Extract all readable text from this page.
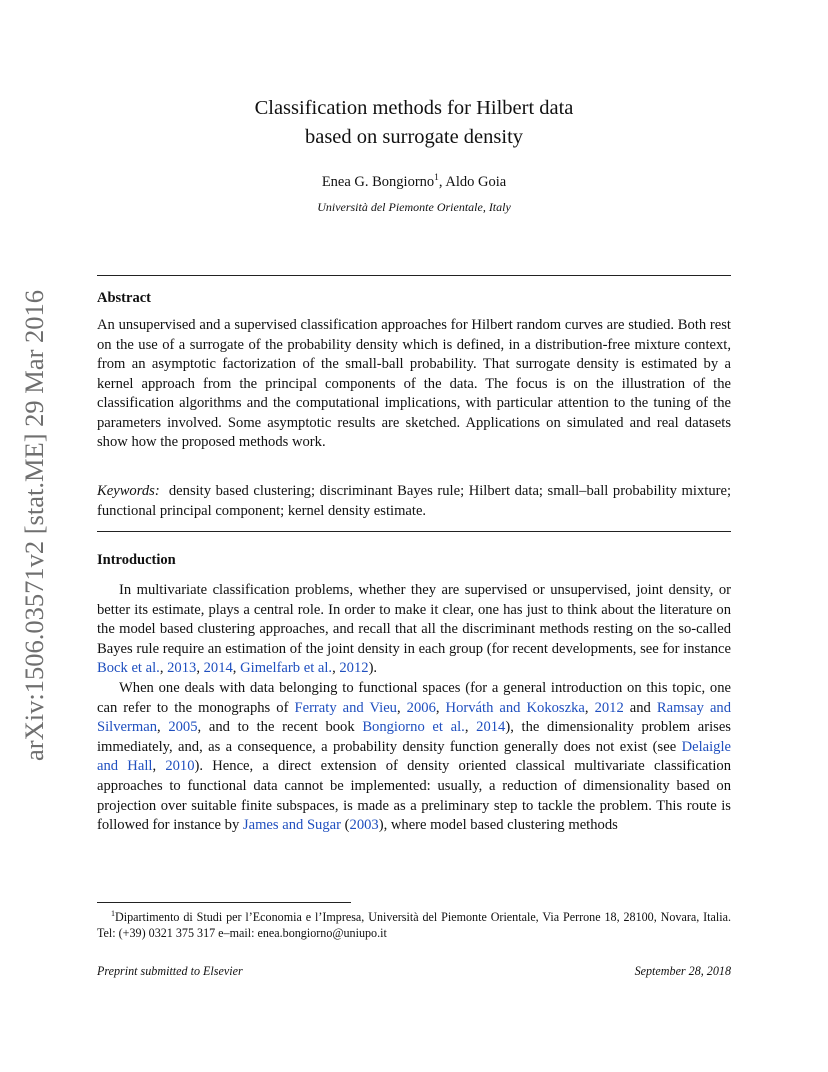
arXiv:1506.03571v2 [stat.ME] 29 Mar 2016
Classification methods for Hilbert data
based on surrogate density
Enea G. Bongiorno$^1$, Aldo Goia
Università del Piemonte Orientale, Italy
Abstract
An unsupervised and a supervised classification approaches for Hilbert random curves are studied. Both rest on the use of a surrogate of the probability density which is defined, in a distribution-free mixture context, from an asymptotic factorization of the small-ball probability. That surrogate density is estimated by a kernel approach from the principal components of the data. The focus is on the illustration of the classification algorithms and the computational implications, with particular attention to the tuning of the parameters involved. Some asymptotic results are sketched. Applications on simulated and real datasets show how the proposed methods work.
Keywords: density based clustering; discriminant Bayes rule; Hilbert data; small–ball probability mixture; functional principal component; kernel density estimate.
Introduction

In multivariate classification problems, whether they are supervised or unsupervised, joint density, or better its estimate, plays a central role. In order to make it clear, one has just to think about the literature on the model based clustering approaches, and recall that all the discriminant methods resting on the so-called Bayes rule require an estimation of the joint density in each group (for recent developments, see for instance Bock et al., 2013, 2014, Gimelfarb et al., 2012).

When one deals with data belonging to functional spaces (for a general introduction on this topic, one can refer to the monographs of Ferraty and Vieu, 2006, Horváth and Kokoszka, 2012 and Ramsay and Silverman, 2005, and to the recent book Bongiorno et al., 2014), the dimensionality problem arises immediately, and, as a consequence, a probability density function generally does not exist (see Delaigle and Hall, 2010). Hence, a direct extension of density oriented classical multivariate classification approaches to functional data cannot be implemented: usually, a reduction of dimensionality based on projection over suitable finite subspaces, is made as a preliminary step to tackle the problem. This route is followed for instance by James and Sugar (2003), where model based clustering methods

$^1$Dipartimento di Studi per l’Economia e l’Impresa, Università del Piemonte Orientale, Via Perrone 18, 28100, Novara, Italia. Tel: (+39) 0321 375 317 e–mail: enea.bongiorno@uniupo.it

Preprint submitted to Elsevier	September 28, 2018
